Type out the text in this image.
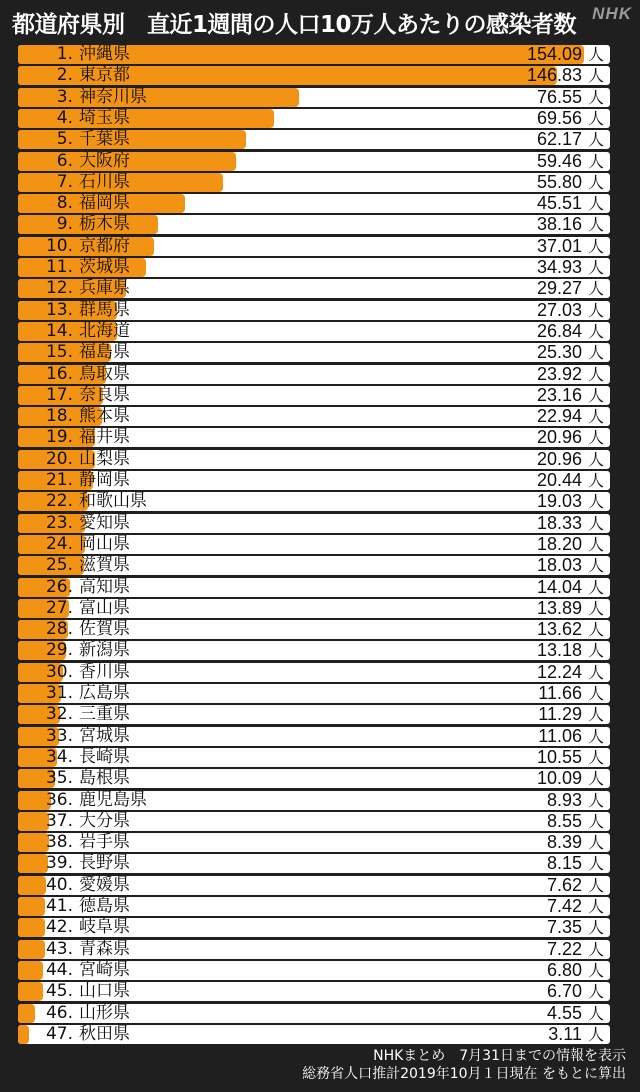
都道府県別　直近1週間の人口10万人あたりの感染者数 NHK
1. 沖縄県	154.09 人
2. 東京都	146.83 人
3. 神奈川県	76.55 人
4. 埼玉県	69.56 人
5. 千葉県	62.17 人
6. 大阪府	59.46 人
7. 石川県	55.80 人
8. 福岡県	45.51 人
9. 栃木県	38.16 人
10. 京都府	37.01 人
11. 茨城県	34.93 人
12. 兵庫県	29.27 人
13. 群馬県	27.03 人
14. 北海道	26.84 人
15. 福島県	25.30 人
16. 鳥取県	23.92 人
17. 奈良県	23.16 人
18. 熊本県	22.94 人
19. 福井県	20.96 人
20. 山梨県	20.96 人
21. 静岡県	20.44 人
22. 和歌山県	19.03 人
23. 愛知県	18.33 人
24. 岡山県	18.20 人
25. 滋賀県	18.03 人
26. 高知県	14.04 人
27. 富山県	13.89 人
28. 佐賀県	13.62 人
29. 新潟県	13.18 人
30. 香川県	12.24 人
31. 広島県	11.66 人
32. 三重県	11.29 人
33. 宮城県	11.06 人
34. 長崎県	10.55 人
35. 島根県	10.09 人
36. 鹿児島県	8.93 人
37. 大分県	8.55 人
38. 岩手県	8.39 人
39. 長野県	8.15 人
40. 愛媛県	7.62 人
41. 徳島県	7.42 人
42. 岐阜県	7.35 人
43. 青森県	7.22 人
44. 宮崎県	6.80 人
45. 山口県	6.70 人
46. 山形県	4.55 人
47. 秋田県	3.11 人
NHKまとめ　7月31日までの情報を表示
総務省人口推計2019年10月１日現在 をもとに算出
